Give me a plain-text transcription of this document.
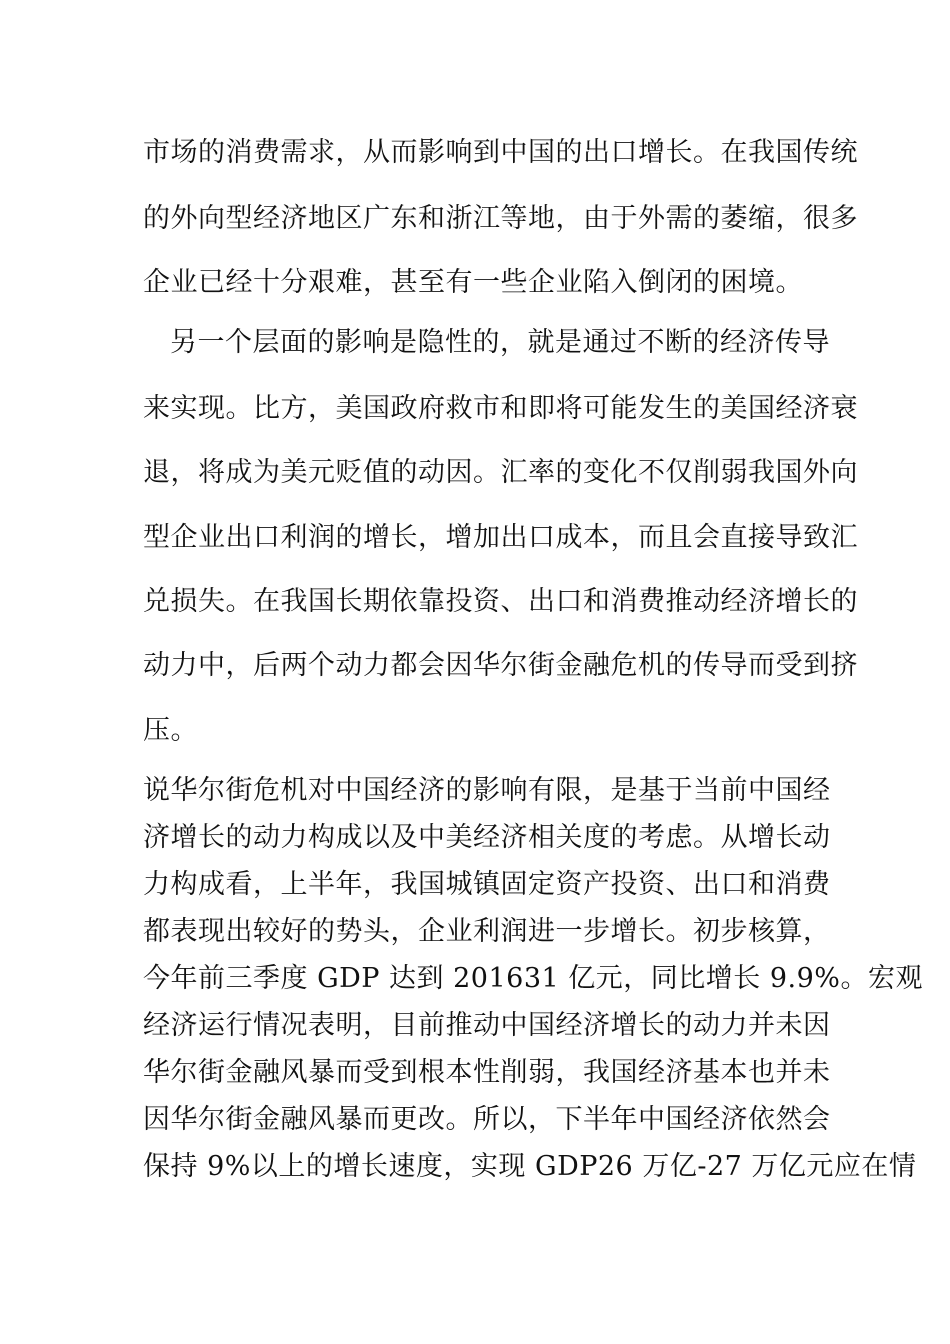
市场的消费需求，从而影响到中国的出口增长。在我国传统
的外向型经济地区广东和浙江等地，由于外需的萎缩，很多
企业已经十分艰难，甚至有一些企业陷入倒闭的困境。
另一个层面的影响是隐性的，就是通过不断的经济传导
来实现。比方，美国政府救市和即将可能发生的美国经济衰
退，将成为美元贬值的动因。汇率的变化不仅削弱我国外向
型企业出口利润的增长，增加出口成本，而且会直接导致汇
兑损失。在我国长期依靠投资、出口和消费推动经济增长的
动力中，后两个动力都会因华尔街金融危机的传导而受到挤
压。
说华尔街危机对中国经济的影响有限，是基于当前中国经
济增长的动力构成以及中美经济相关度的考虑。从增长动
力构成看，上半年，我国城镇固定资产投资、出口和消费
都表现出较好的势头，企业利润进一步增长。初步核算，
今年前三季度 GDP 达到 201631 亿元，同比增长 9.9%。宏观
经济运行情况表明，目前推动中国经济增长的动力并未因
华尔街金融风暴而受到根本性削弱，我国经济基本也并未
因华尔街金融风暴而更改。所以，下半年中国经济依然会
保持 9%以上的增长速度，实现 GDP26 万亿-27 万亿元应在情
